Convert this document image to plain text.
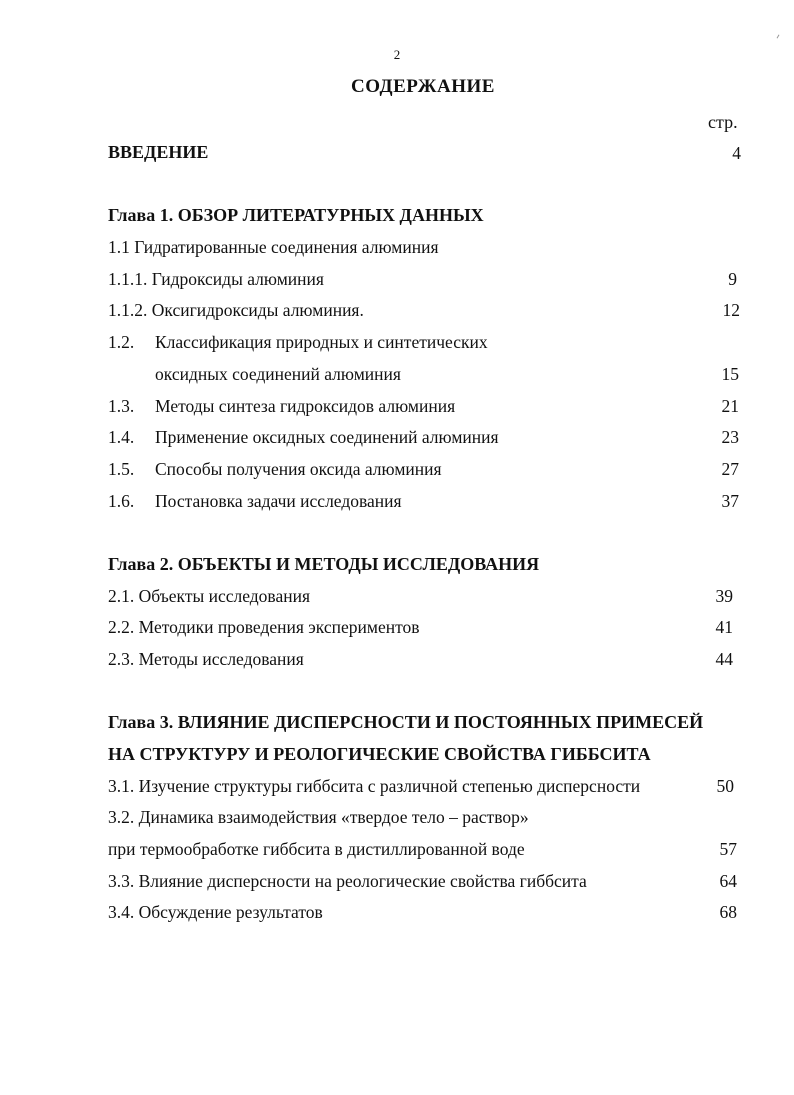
2
СОДЕРЖАНИЕ
стр.
ВВЕДЕНИЕ	4
Глава 1. ОБЗОР ЛИТЕРАТУРНЫХ ДАННЫХ
1.1 Гидратированные соединения алюминия
1.1.1. Гидроксиды алюминия	9
1.1.2. Оксигидроксиды алюминия.	12
1.2. Классификация природных и синтетических
оксидных соединений алюминия	15
1.3. Методы синтеза гидроксидов алюминия	21
1.4. Применение оксидных соединений алюминия	23
1.5. Способы получения оксида алюминия	27
1.6. Постановка задачи исследования	37
Глава 2. ОБЪЕКТЫ И МЕТОДЫ ИССЛЕДОВАНИЯ
2.1. Объекты исследования	39
2.2. Методики проведения экспериментов	41
2.3. Методы исследования	44
Глава 3. ВЛИЯНИЕ ДИСПЕРСНОСТИ И ПОСТОЯННЫХ ПРИМЕСЕЙ
НА СТРУКТУРУ И РЕОЛОГИЧЕСКИЕ СВОЙСТВА ГИББСИТА
3.1. Изучение структуры гиббсита с различной степенью дисперсности	50
3.2. Динамика взаимодействия «твердое тело – раствор»
при термообработке гиббсита в дистиллированной воде	57
3.3. Влияние дисперсности на реологические свойства гиббсита	64
3.4. Обсуждение результатов	68
